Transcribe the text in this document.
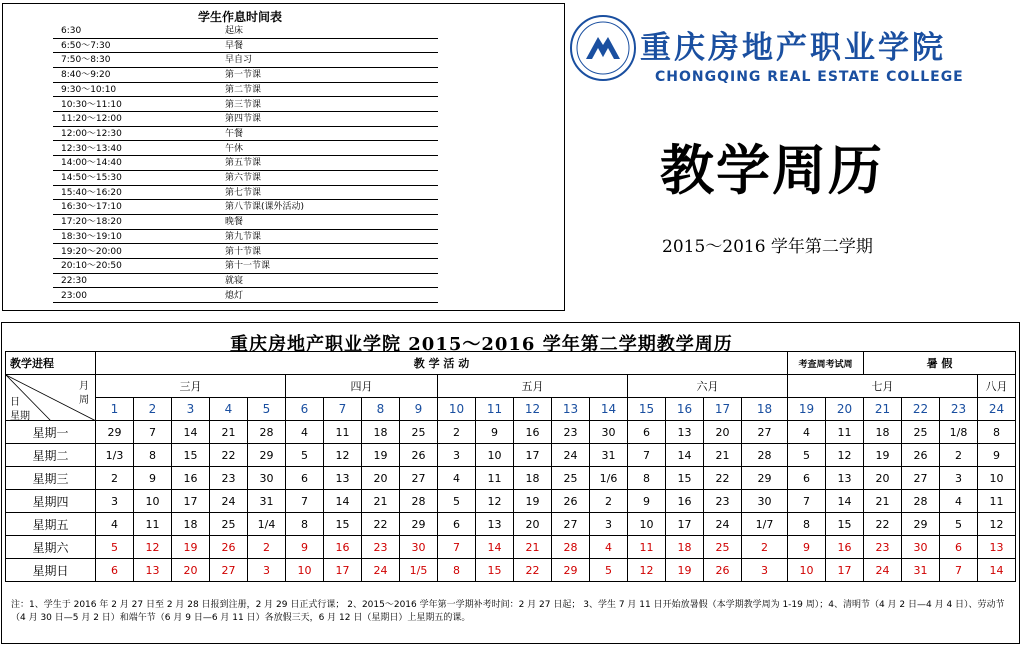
学生作息时间表
6:30	起床
6:50～7:30	早餐
7:50～8:30	早自习
8:40～9:20	第一节课
9:30～10:10	第二节课
10:30～11:10	第三节课
11:20～12:00	第四节课
12:00～12:30	午餐
12:30～13:40	午休
14:00～14:40	第五节课
14:50～15:30	第六节课
15:40～16:20	第七节课
16:30～17:10	第八节课(课外活动)
17:20～18:20	晚餐
18:30～19:10	第九节课
19:20～20:00	第十节课
20:10～20:50	第十一节课
22:30	就寝
23:00	熄灯
重庆房地产职业学院
CHONGQING REAL ESTATE COLLEGE
教学周历
2015～2016 学年第二学期
重庆房地产职业学院 2015～2016 学年第二学期教学周历
教学进程	教 学 活 动																		考查周考试周		暑 假			

月
周
日
星期	三月					四月				五月					六月				七月					八月
	1	2	3	4	5	6	7	8	9	10	11	12	13	14	15	16	17	18	19	20	21	22	23	24
星期一	29	7	14	21	28	4	11	18	25	2	9	16	23	30	6	13	20	27	4	11	18	25	1/8	8
星期二	1/3	8	15	22	29	5	12	19	26	3	10	17	24	31	7	14	21	28	5	12	19	26	2	9
星期三	2	9	16	23	30	6	13	20	27	4	11	18	25	1/6	8	15	22	29	6	13	20	27	3	10
星期四	3	10	17	24	31	7	14	21	28	5	12	19	26	2	9	16	23	30	7	14	21	28	4	11
星期五	4	11	18	25	1/4	8	15	22	29	6	13	20	27	3	10	17	24	1/7	8	15	22	29	5	12
星期六	5	12	19	26	2	9	16	23	30	7	14	21	28	4	11	18	25	2	9	16	23	30	6	13
星期日	6	13	20	27	3	10	17	24	1/5	8	15	22	29	5	12	19	26	3	10	17	24	31	7	14
注：1、学生于 2016 年 2 月 27 日至 2 月 28 日报到注册，2 月 29 日正式行课； 2、2015～2016 学年第一学期补考时间：2 月 27 日起； 3、学生 7 月 11 日开始放暑假（本学期教学周为 1-19 周）；4、清明节（4 月 2 日—4 月 4 日）、劳动节（4 月 30 日—5 月 2 日）和端午节（6 月 9 日—6 月 11 日）各放假三天，6 月 12 日（星期日）上星期五的课。
